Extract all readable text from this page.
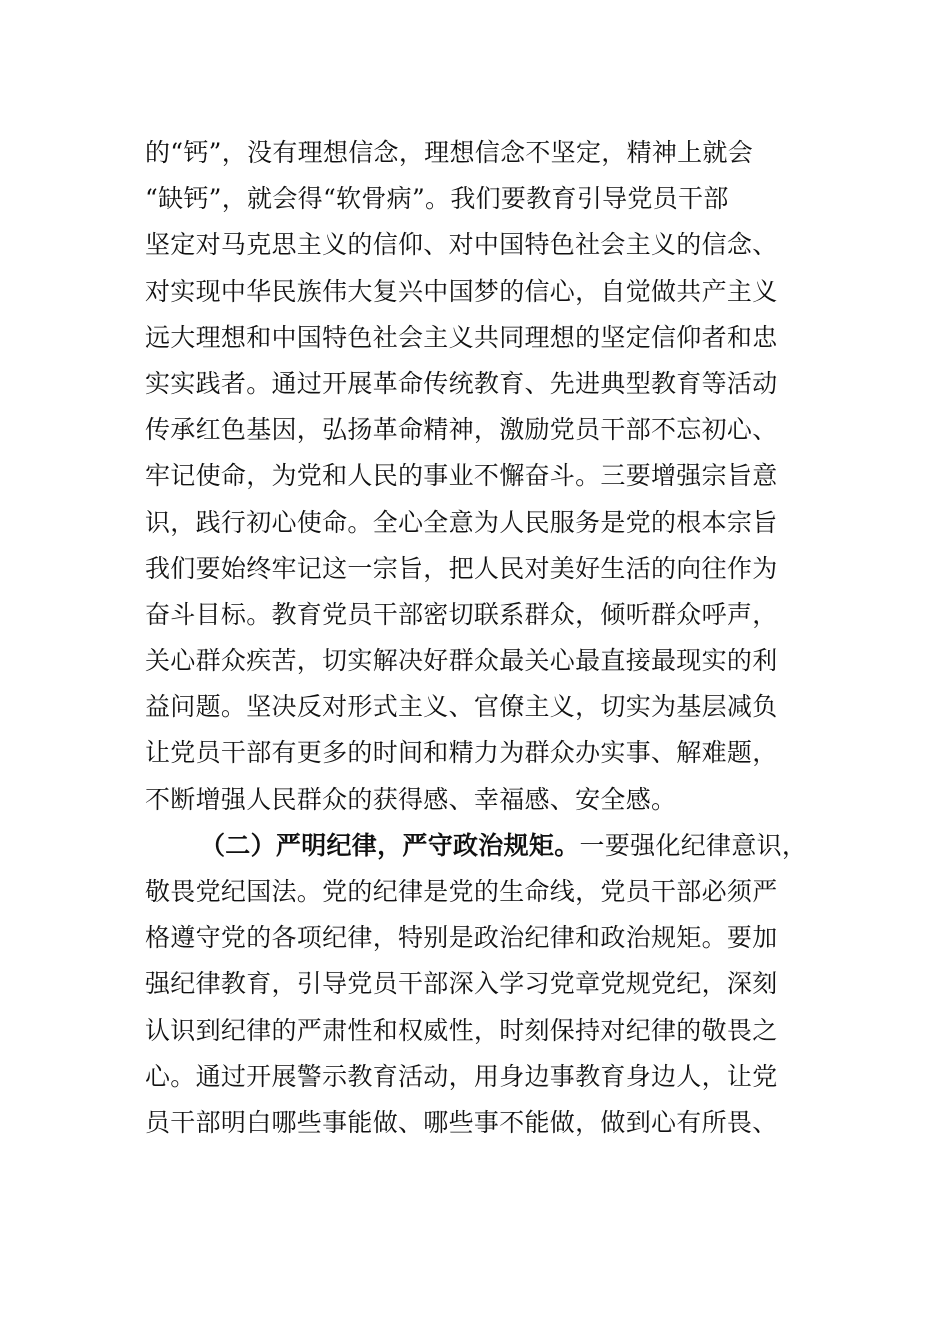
的“钙”，没有理想信念，理想信念不坚定，精神上就会
“缺钙”，就会得“软骨病”。我们要教育引导党员干部
坚定对马克思主义的信仰、对中国特色社会主义的信念、
对实现中华民族伟大复兴中国梦的信心，自觉做共产主义
远大理想和中国特色社会主义共同理想的坚定信仰者和忠
实实践者。通过开展革命传统教育、先进典型教育等活动
传承红色基因，弘扬革命精神，激励党员干部不忘初心、
牢记使命，为党和人民的事业不懈奋斗。三要增强宗旨意
识，践行初心使命。全心全意为人民服务是党的根本宗旨
我们要始终牢记这一宗旨，把人民对美好生活的向往作为
奋斗目标。教育党员干部密切联系群众，倾听群众呼声，
关心群众疾苦，切实解决好群众最关心最直接最现实的利
益问题。坚决反对形式主义、官僚主义，切实为基层减负
让党员干部有更多的时间和精力为群众办实事、解难题，
不断增强人民群众的获得感、幸福感、安全感。
（二）严明纪律，严守政治规矩。一要强化纪律意识，
敬畏党纪国法。党的纪律是党的生命线，党员干部必须严
格遵守党的各项纪律，特别是政治纪律和政治规矩。要加
强纪律教育，引导党员干部深入学习党章党规党纪，深刻
认识到纪律的严肃性和权威性，时刻保持对纪律的敬畏之
心。通过开展警示教育活动，用身边事教育身边人，让党
员干部明白哪些事能做、哪些事不能做，做到心有所畏、
